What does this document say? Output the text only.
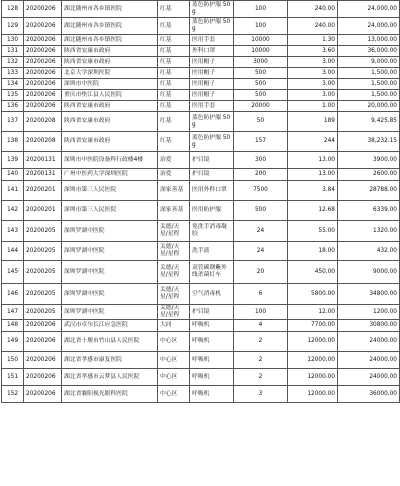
128	20200206	湖北随州市各乡镇医院	红基	蓝色防护服 50g	100	240.00	24,000.00
129	20200206	湖北随州市各乡镇医院	红基	蓝色防护服 50g	100	240.00	24,000.00
130	20200206	湖北随州市各乡镇医院	红基	医用手套	10000	1.30	13,000.00
131	20200206	陕西省安康市政府	红基	外科口罩	10000	3.60	36,000.00
132	20200206	陕西省安康市政府	红基	医用帽子	3000	3.00	9,000.00
133	20200206	北京大学深圳医院	红基	医用帽子	500	3.00	1,500.00
134	20200206	深圳市中医院	红基	医用帽子	500	3.00	1,500.00
135	20200206	重庆市垫江县人民医院	红基	医用帽子	500	3.00	1,500.00
136	20200206	陕西省安康市政府	红基	医用手套	20000	1.00	20,000.00
137	20200208	陕西省安康市政府	红基	蓝色防护服 50g	50	189	9,425.85
138	20200208	陕西省安康市政府	红基	蓝色防护服 50g	157	244	38,232.15
139	20200131	深圳市中医院设备科行政楼4楼	治爱	护目镜	300	13.00	3900.00
140	20200131	广州中医药大学深圳医院	治爱	护目镜	200	13.00	2600.00
141	20200201	深圳市第三人民医院	深家善基	医用外科口罩	7500	3.84	28788.00
142	20200201	深圳市第三人民医院	深家善基	医用防护服	500	12.68	6339.00
143	20200205	深圳罗湖中医院	关德/天星/星程	免洗手消毒凝胶	24	55.00	1320.00
144	20200205	深圳罗湖中医院	关德/天星/星程	洗手液	24	18.00	432.00
145	20200205	深圳罗湖中医院	关德/天星/星程	双管碳钢紫外线杀菌灯车	20	450.00	9000.00
146	20200205	深圳罗湖中医院	关德/天星/星程	空气消毒机	6	5800.00	34800.00
147	20200205	深圳罗湖中医院	关德/天星/星程	护目镜	100	12.00	1200.00
148	20200206	武汉市卓尔长江应急医院	大同	呼吸机	4	7700.00	30800.00
149	20200206	湖北省十堰市竹山县人民医院	中心区	呼吸机	2	12000.00	24000.00
150	20200206	湖北省孝感市康复医院	中心区	呼吸机	2	12000.00	24000.00
151	20200206	湖北省孝感市云梦县人民医院	中心区	呼吸机	2	12000.00	24000.00
152	20200206	湖北省襄阳视光眼科医院	中心区	呼吸机	3	12000.00	36000.00
